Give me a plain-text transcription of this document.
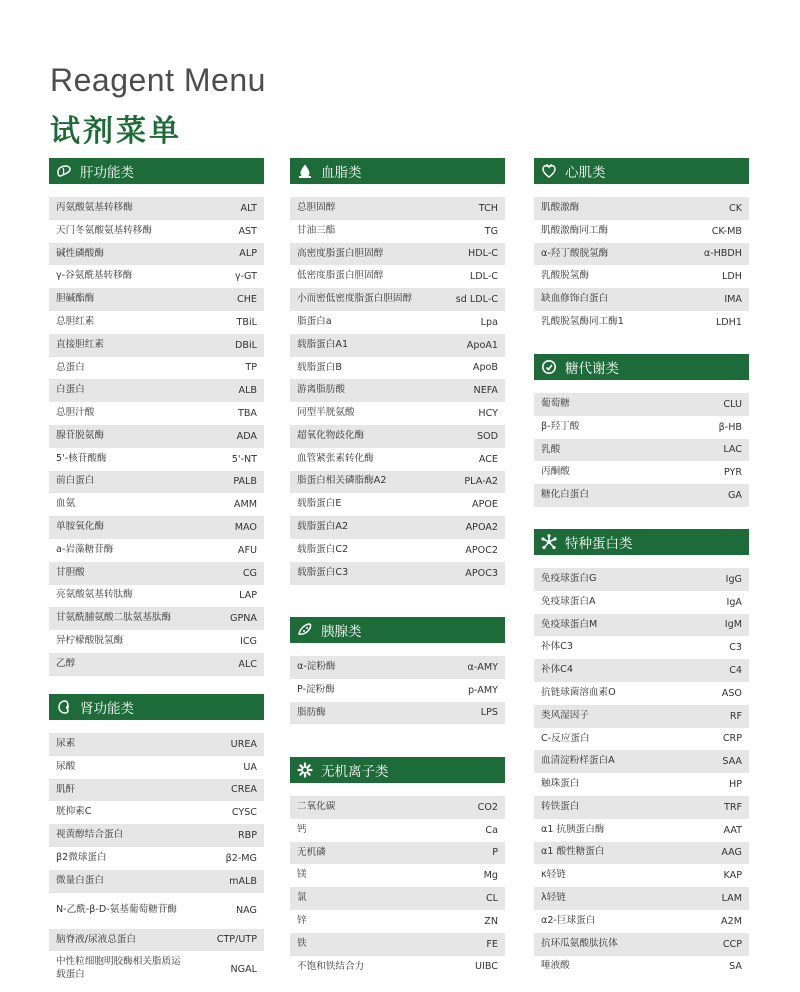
Reagent Menu
试剂菜单
肝功能类
丙氨酸氨基转移酶	ALT
天门冬氨酸氨基转移酶	AST
碱性磷酸酶	ALP
γ-谷氨酰基转移酶	γ-GT
胆碱酯酶	CHE
总胆红素	TBiL
直接胆红素	DBiL
总蛋白	TP
白蛋白	ALB
总胆汁酸	TBA
腺苷脱氨酶	ADA
5'-核苷酸酶	5'-NT
前白蛋白	PALB
血氨	AMM
单胺氧化酶	MAO
a-岩藻糖苷酶	AFU
甘胆酸	CG
亮氨酸氨基转肽酶	LAP
甘氨酰脯氨酸二肽氨基肽酶	GPNA
异柠檬酸脱氢酶	ICG
乙醇	ALC
肾功能类
尿素	UREA
尿酸	UA
肌酐	CREA
胱抑素C	CYSC
视黄醇结合蛋白	RBP
β2微球蛋白	β2-MG
微量白蛋白	mALB
N-乙酰-β-D-氨基葡萄糖苷酶	NAG
脑脊液/尿液总蛋白	CTP/UTP
中性粒细胞明胶酶相关脂质运载蛋白	NGAL
血脂类
总胆固醇	TCH
甘油三酯	TG
高密度脂蛋白胆固醇	HDL-C
低密度脂蛋白胆固醇	LDL-C
小而密低密度脂蛋白胆固醇	sd LDL-C
脂蛋白a	Lpa
载脂蛋白A1	ApoA1
载脂蛋白B	ApoB
游离脂肪酸	NEFA
同型半胱氨酸	HCY
超氧化物歧化酶	SOD
血管紧张素转化酶	ACE
脂蛋白相关磷脂酶A2	PLA-A2
载脂蛋白E	APOE
载脂蛋白A2	APOA2
载脂蛋白C2	APOC2
载脂蛋白C3	APOC3
胰腺类
α-淀粉酶	α-AMY
P-淀粉酶	p-AMY
脂肪酶	LPS
无机离子类
二氧化碳	CO2
钙	Ca
无机磷	P
镁	Mg
氯	CL
锌	ZN
铁	FE
不饱和铁结合力	UIBC
心肌类
肌酸激酶	CK
肌酸激酶同工酶	CK-MB
α-羟丁酸脱氢酶	α-HBDH
乳酸脱氢酶	LDH
缺血修饰白蛋白	IMA
乳酸脱氢酶同工酶1	LDH1
糖代谢类
葡萄糖	CLU
β-羟丁酸	β-HB
乳酸	LAC
丙酮酸	PYR
糖化白蛋白	GA
特种蛋白类
免疫球蛋白G	IgG
免疫球蛋白A	IgA
免疫球蛋白M	IgM
补体C3	C3
补体C4	C4
抗链球菌溶血素O	ASO
类风湿因子	RF
C-反应蛋白	CRP
血清淀粉样蛋白A	SAA
触珠蛋白	HP
转铁蛋白	TRF
α1 抗胰蛋白酶	AAT
α1 酸性糖蛋白	AAG
κ轻链	KAP
λ轻链	LAM
α2-巨球蛋白	A2M
抗环瓜氨酸肽抗体	CCP
唾液酸	SA
